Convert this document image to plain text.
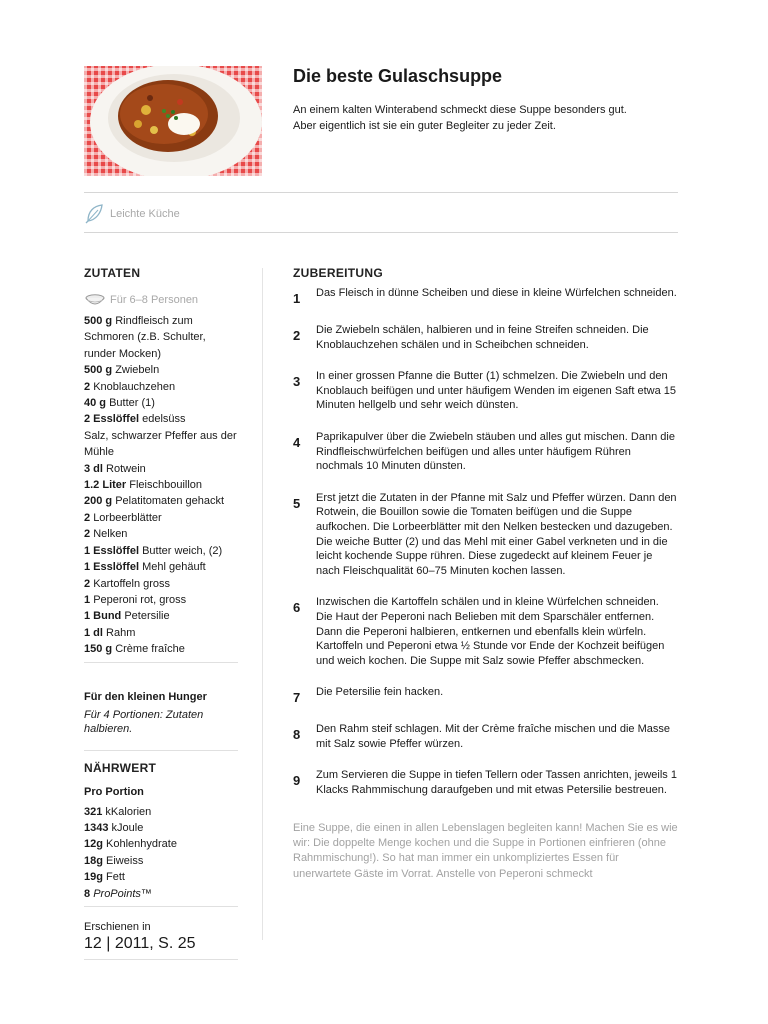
Die beste Gulaschsuppe

An einem kalten Winterabend schmeckt diese Suppe besonders gut.
Aber eigentlich ist sie ein guter Begleiter zu jeder Zeit.

Leichte Küche
ZUTATEN
Für 6–8 Personen
500 g Rindfleisch zum Schmoren (z.B. Schulter, runder Mocken)
500 g Zwiebeln
2 Knoblauchzehen
40 g Butter (1)
2 Esslöffel edelsüss
Salz, schwarzer Pfeffer aus der Mühle
3 dl Rotwein
1.2 Liter Fleischbouillon
200 g Pelatitomaten gehackt
2 Lorbeerblätter
2 Nelken
1 Esslöffel Butter weich, (2)
1 Esslöffel Mehl gehäuft
2 Kartoffeln gross
1 Peperoni rot, gross
1 Bund Petersilie
1 dl Rahm
150 g Crème fraîche
Für den kleinen Hunger
Für 4 Portionen: Zutaten halbieren.
NÄHRWERT
Pro Portion
321 kKalorien
1343 kJoule
12g Kohlenhydrate
18g Eiweiss
19g Fett
8 ProPoints™
Erschienen in
12 | 2011, S. 25
ZUBEREITUNG
1	Das Fleisch in dünne Scheiben und diese in kleine Würfelchen schneiden.
2	Die Zwiebeln schälen, halbieren und in feine Streifen schneiden. Die Knoblauchzehen schälen und in Scheibchen schneiden.
3	In einer grossen Pfanne die Butter (1) schmelzen. Die Zwiebeln und den Knoblauch beifügen und unter häufigem Wenden im eigenen Saft etwa 15 Minuten hellgelb und sehr weich dünsten.
4	Paprikapulver über die Zwiebeln stäuben und alles gut mischen. Dann die Rindfleischwürfelchen beifügen und alles unter häufigem Rühren nochmals 10 Minuten dünsten.
5	Erst jetzt die Zutaten in der Pfanne mit Salz und Pfeffer würzen. Dann den Rotwein, die Bouillon sowie die Tomaten beifügen und die Suppe aufkochen. Die Lorbeerblätter mit den Nelken bestecken und dazugeben. Die weiche Butter (2) und das Mehl mit einer Gabel verkneten und in die leicht kochende Suppe rühren. Diese zugedeckt auf kleinem Feuer je nach Fleischqualität 60–75 Minuten kochen lassen.
6	Inzwischen die Kartoffeln schälen und in kleine Würfelchen schneiden. Die Haut der Peperoni nach Belieben mit dem Sparschäler entfernen. Dann die Peperoni halbieren, entkernen und ebenfalls klein würfeln. Kartoffeln und Peperoni etwa ½ Stunde vor Ende der Kochzeit beifügen und weich kochen. Die Suppe mit Salz sowie Pfeffer abschmecken.
7	Die Petersilie fein hacken.
8	Den Rahm steif schlagen. Mit der Crème fraîche mischen und die Masse mit Salz sowie Pfeffer würzen.
9	Zum Servieren die Suppe in tiefen Tellern oder Tassen anrichten, jeweils 1 Klacks Rahmmischung daraufgeben und mit etwas Petersilie bestreuen.
Eine Suppe, die einen in allen Lebenslagen begleiten kann! Machen Sie es wie wir: Die doppelte Menge kochen und die Suppe in Portionen einfrieren (ohne Rahmmischung!). So hat man immer ein unkompliziertes Essen für unerwartete Gäste im Vorrat. Anstelle von Peperoni schmeckt
